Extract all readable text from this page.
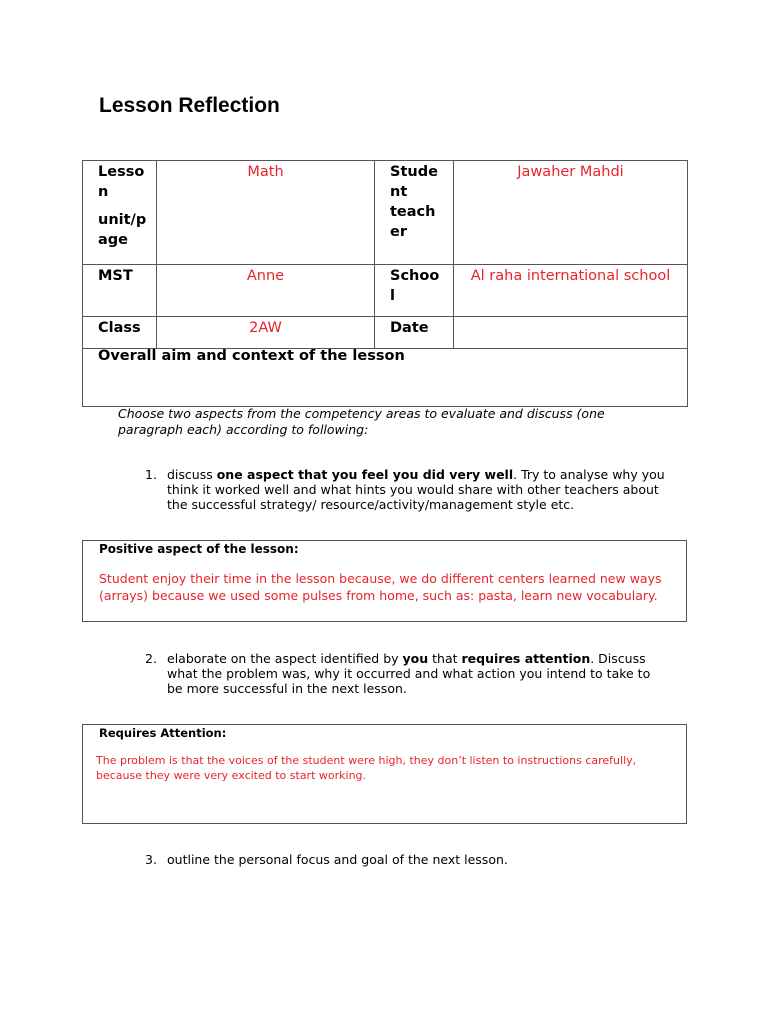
Lesson Reflection
Lesso n
unit/p age	Math	Stude nt teach er	Jawaher Mahdi
MST	Anne	Schoo l	Al raha international school
Class	2AW	Date	
Overall aim and context of the lesson			
Choose two aspects from the competency areas to evaluate and discuss (one paragraph each) according to following:
1. discuss one aspect that you feel you did very well. Try to analyse why you think it worked well and what hints you would share with other teachers about the successful strategy/ resource/activity/management style etc.
Positive aspect of the lesson:
Student enjoy their time in the lesson because, we do different centers learned new ways (arrays) because we used some pulses from home, such as: pasta, learn new vocabulary.
2. elaborate on the aspect identified by you that requires attention. Discuss what the problem was, why it occurred and what action you intend to take to be more successful in the next lesson.
Requires Attention:
The problem is that the voices of the student were high, they don’t listen to instructions carefully, because they were very excited to start working.
3. outline the personal focus and goal of the next lesson.
